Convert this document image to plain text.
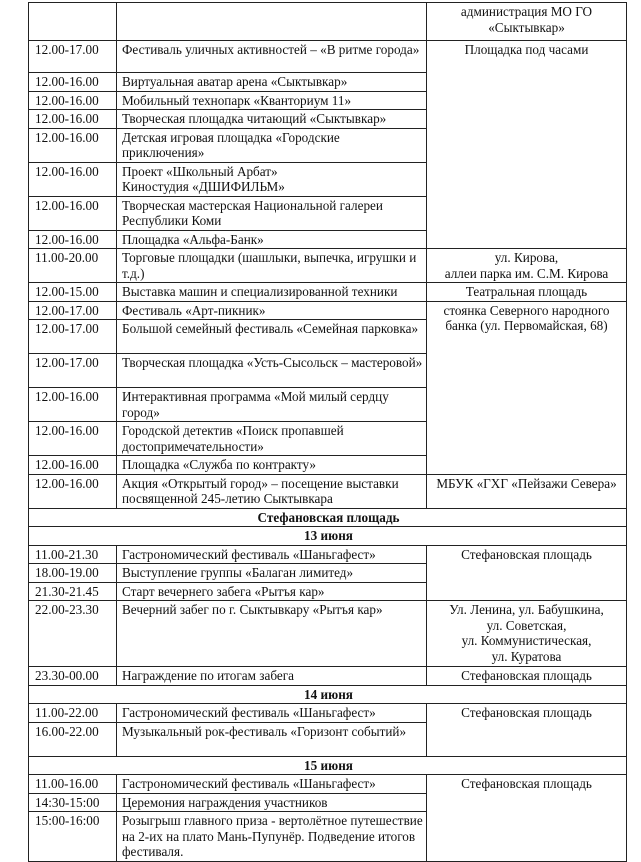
		администрация МО ГО «Сыктывкар»
12.00-17.00	Фестиваль уличных активностей – «В ритме города»	Площадка под часами
12.00-16.00	Виртуальная аватар арена «Сыктывкар»	
12.00-16.00	Мобильный технопарк «Кванториум 11»	
12.00-16.00	Творческая площадка читающий «Сыктывкар»	
12.00-16.00	Детская игровая площадка «Городские приключения»	
12.00-16.00	Проект «Школьный Арбат»
Киностудия «ДШИФИЛЬМ»	
12.00-16.00	Творческая мастерская Национальной галереи Республики Коми	
12.00-16.00	Площадка «Альфа-Банк»	
11.00-20.00	Торговые площадки (шашлыки, выпечка, игрушки и т.д.)	ул. Кирова,
аллеи парка им. С.М. Кирова
12.00-15.00	Выставка машин и специализированной техники	Театральная площадь
12.00-17.00	Фестиваль «Арт-пикник»	стоянка Северного народного банка (ул. Первомайская, 68)
12.00-17.00	Большой семейный фестиваль «Семейная парковка»	
12.00-17.00	Творческая площадка «Усть-Сысольск – мастеровой»	
12.00-16.00	Интерактивная программа «Мой милый сердцу город»	
12.00-16.00	Городской детектив «Поиск пропавшей достопримечательности»	
12.00-16.00	Площадка «Служба по контракту»	
12.00-16.00	Акция «Открытый город» – посещение выставки посвященной 245-летию Сыктывкара	МБУК «ГХГ «Пейзажи Севера»
Стефановская площадь		
13 июня		
11.00-21.30	Гастрономический фестиваль «Шаньгафест»	Стефановская площадь
18.00-19.00	Выступление группы «Балаган лимитед»	
21.30-21.45	Старт вечернего забега «Рытъя кар»	
22.00-23.30	Вечерний забег по г. Сыктывкару «Рытъя кар»	Ул. Ленина, ул. Бабушкина,
ул. Советская,
ул. Коммунистическая,
ул. Куратова
23.30-00.00	Награждение по итогам забега	Стефановская площадь
14 июня		
11.00-22.00	Гастрономический фестиваль «Шаньгафест»	Стефановская площадь
16.00-22.00	Музыкальный рок-фестиваль «Горизонт событий»	
15 июня		
11.00-16.00	Гастрономический фестиваль «Шаньгафест»	Стефановская площадь
14:30-15:00	Церемония награждения участников	
15:00-16:00	Розыгрыш главного приза - вертолётное путешествие на 2-их на плато Мань-Пупунёр. Подведение итогов фестиваля.	
